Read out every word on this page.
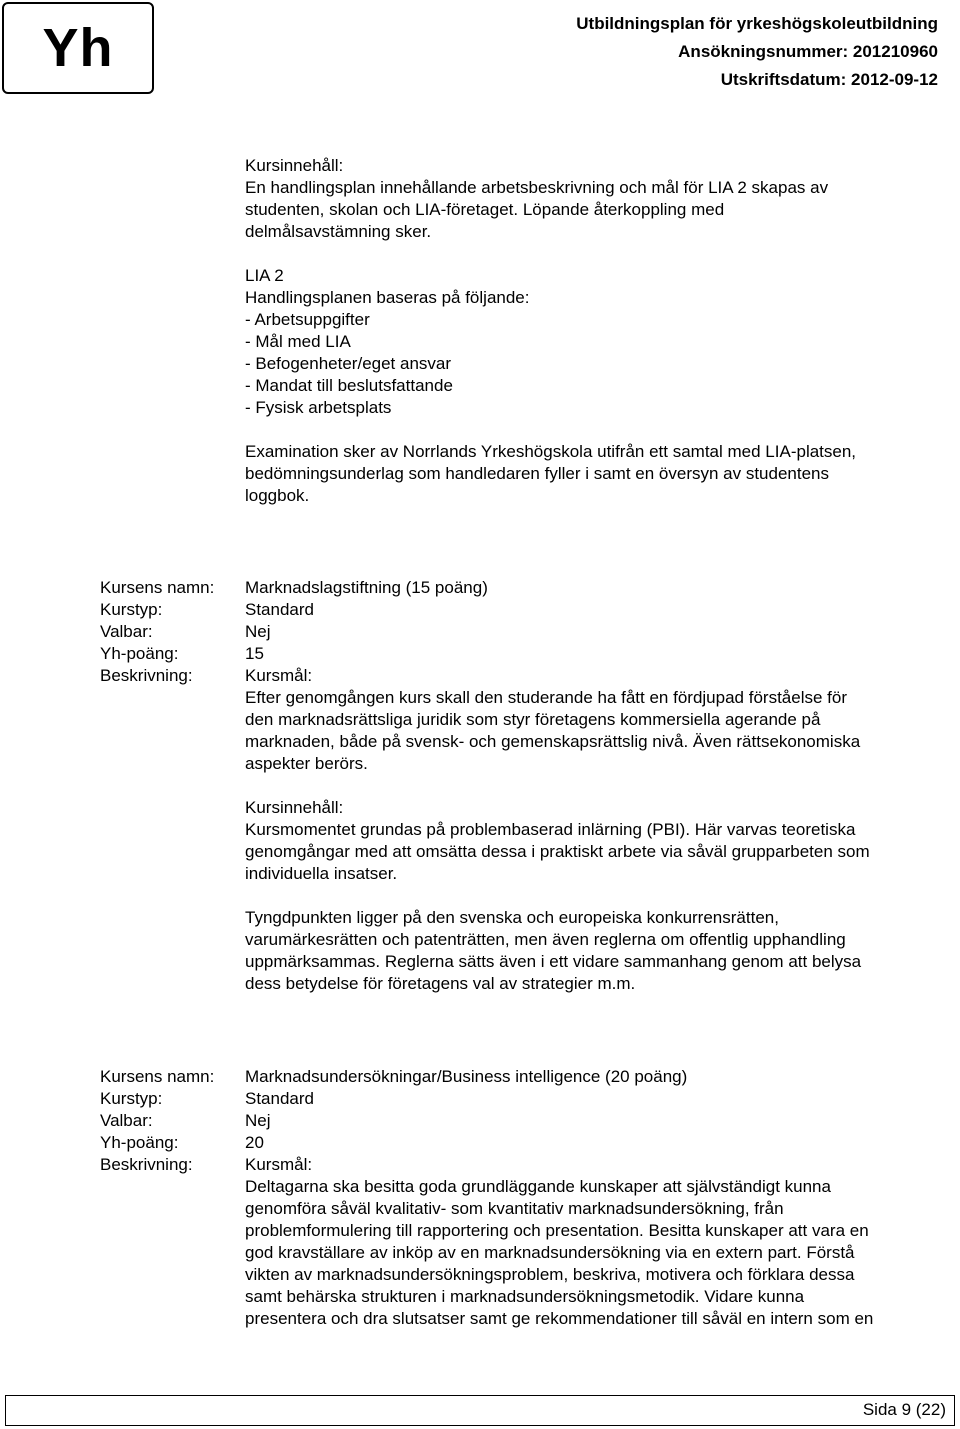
Yh	Utbildningsplan för yrkeshögskoleutbildning
Ansökningsnummer: 201210960
Utskriftsdatum: 2012-09-12
Kursinnehåll:
En handlingsplan innehållande arbetsbeskrivning och mål för LIA 2 skapas av
studenten, skolan och LIA-företaget. Löpande återkoppling med
delmålsavstämning sker.
LIA 2
Handlingsplanen baseras på följande:
- Arbetsuppgifter
- Mål med LIA
- Befogenheter/eget ansvar
- Mandat till beslutsfattande
- Fysisk arbetsplats
Examination sker av Norrlands Yrkeshögskola utifrån ett samtal med LIA-platsen,
bedömningsunderlag som handledaren fyller i samt en översyn av studentens
loggbok.
Kursens namn:	Marknadslagstiftning (15 poäng)
Kurstyp:	Standard
Valbar:	Nej
Yh-poäng:	15
Beskrivning:	Kursmål:
Efter genomgången kurs skall den studerande ha fått en fördjupad förståelse för
den marknadsrättsliga juridik som styr företagens kommersiella agerande på
marknaden, både på svensk- och gemenskapsrättslig nivå. Även rättsekonomiska
aspekter berörs.
Kursinnehåll:
Kursmomentet grundas på problembaserad inlärning (PBI). Här varvas teoretiska
genomgångar med att omsätta dessa i praktiskt arbete via såväl grupparbeten som
individuella insatser.
Tyngdpunkten ligger på den svenska och europeiska konkurrensrätten,
varumärkesrätten och patenträtten, men även reglerna om offentlig upphandling
uppmärksammas. Reglerna sätts även i ett vidare sammanhang genom att belysa
dess betydelse för företagens val av strategier m.m.
Kursens namn:	Marknadsundersökningar/Business intelligence (20 poäng)
Kurstyp:	Standard
Valbar:	Nej
Yh-poäng:	20
Beskrivning:	Kursmål:
Deltagarna ska besitta goda grundläggande kunskaper att självständigt kunna
genomföra såväl kvalitativ- som kvantitativ marknadsundersökning, från
problemformulering till rapportering och presentation. Besitta kunskaper att vara en
god kravställare av inköp av en marknadsundersökning via en extern part. Förstå
vikten av marknadsundersökningsproblem, beskriva, motivera och förklara dessa
samt behärska strukturen i marknadsundersökningsmetodik. Vidare kunna
presentera och dra slutsatser samt ge rekommendationer till såväl en intern som en
Sida 9 (22)
